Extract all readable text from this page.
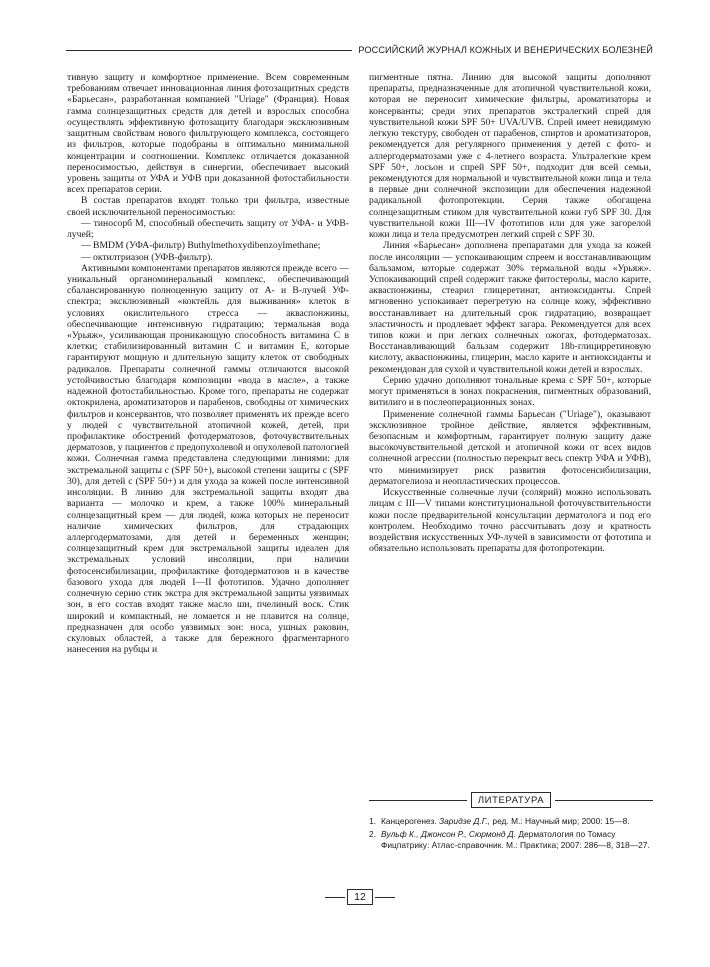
РОССИЙСКИЙ ЖУРНАЛ КОЖНЫХ И ВЕНЕРИЧЕСКИХ БОЛЕЗНЕЙ

тивную защиту и комфортное применение. Всем современным требованиям отвечает инновационная линия фотозащитных средств «Барьесан», разработанная компанией "Uriage" (Франция). Новая гамма солнцезащитных средств для детей и взрослых способна осуществлять эффективную фотозащиту благодаря эксклюзивным защитным свойствам нового фильтрующего комплекса, состоящего из фильтров, которые подобраны в оптимально минимальной концентрации и соотношении. Комплекс отличается доказанной переносимостью, действуя в синергии, обеспечивает высокий уровень защиты от УФА и УФВ при доказанной фотостабильности всех препаратов серии.

В состав препаратов входят только три фильтра, известные своей исключительной переносимостью:

— тиносорб М, способный обеспечить защиту от УФА- и УФВ-лучей;

— BMDM (УФА-фильтр) Buthylmethoxydibenzoylmethane;

— октилтриазон (УФВ-фильтр).

Активными компонентами препаратов являются прежде всего — уникальный органоминеральный комплекс, обеспечивающий сбалансированную полноценную защиту от А- и В-лучей УФ-спектра; эксклюзивный «коктейль для выживания» клеток в условиях окислительного стресса — акваспонжины, обеспечивающие интенсивную гидратацию; термальная вода «Урьяж», усиливающая проникающую способность витамина С в клетки; стабилизированный витамин С и витамин Е, которые гарантируют мощную и длительную защиту клеток от свободных радикалов. Препараты солнечной гаммы отличаются высокой устойчивостью благодаря композиции «вода в масле», а также надежной фотостабильностью. Кроме того, препараты не содержат октокрилена, ароматизаторов и парабенов, свободны от химических фильтров и консервантов, что позволяет применять их прежде всего у людей с чувствительной атопичной кожей, детей, при профилактике обострений фотодерматозов, фоточувствительных дерматозов, у пациентов с предопухолевой и опухолевой патологией кожи. Солнечная гамма представлена следующими линиями: для экстремальной защиты с (SPF 50+), высокой степени защиты с (SPF 30), для детей с (SPF 50+) и для ухода за кожей после интенсивной инсоляции. В линию для экстремальной защиты входят два варианта — молочко и крем, а также 100% минеральный солнцезащитный крем — для людей, кожа которых не переносит наличие химических фильтров, для страдающих аллергодерматозами, для детей и беременных женщин; солнцезащитный крем для экстремальной защиты идеален для экстремальных условий инсоляции, при наличии фотосенсибилизации, профилактике фотодерматозов и в качестве базового ухода для людей I—II фототипов. Удачно дополняет солнечную серию стик экстра для экстремальной защиты уязвимых зон, в его состав входят также масло ши, пчелиный воск. Стик широкий и компактный, не ломается и не плавится на солнце, предназначен для особо уязвимых зон: носа, ушных раковин, скуловых областей, а также для бережного фрагментарного нанесения на рубцы и

пигментные пятна. Линию для высокой защиты дополняют препараты, предназначенные для атопичной чувствительной кожи, которая не переносит химические фильтры, ароматизаторы и консерванты; среди этих препаратов экстралегкий спрей для чувствительной кожи SPF 50+ UVA/UVB. Спрей имеет невидимую легкую текстуру, свободен от парабенов, спиртов и ароматизаторов, рекомендуется для регулярного применения у детей с фото- и аллергодерматозами уже с 4-летнего возраста. Ультралегкие крем SPF 50+, лосьон и спрей SPF 50+, подходит для всей семьи, рекомендуются для нормальной и чувствительной кожи лица и тела в первые дни солнечной экспозиции для обеспечения надежной радикальной фотопротекции. Серия также обогащена солнцезащитным стиком для чувствительной кожи губ SPF 30. Для чувствительной кожи III—IV фототипов или для уже загорелой кожи лица и тела предусмотрен легкий спрей с SPF 30.

Линия «Барьесан» дополнена препаратами для ухода за кожей после инсоляции — успокаивающим спреем и восстанавливающим бальзамом, которые содержат 30% термальной воды «Урьяж». Успокаивающий спрей содержит также фитостеролы, масло карите, акваспонжины, стеарил глицеретинат, антиоксиданты. Спрей мгновенно успокаивает перегретую на солнце кожу, эффективно восстанавливает на длительный срок гидратацию, возвращает эластичность и продлевает эффект загара. Рекомендуется для всех типов кожи и при легких солнечных ожогах, фотодерматозах. Восстанавливающий бальзам содержит 18b-глицирретиновую кислоту, акваспонжины, глицерин, масло карите и антиоксиданты и рекомендован для сухой и чувствительной кожи детей и взрослых.

Серию удачно дополняют тональные крема с SPF 50+, которые могут применяться в зонах покраснения, пигментных образований, витилиго и в послеоперационных зонах.

Применение солнечной гаммы Барьесан ("Uriage"), оказывают эксклюзивное тройное действие, является эффективным, безопасным и комфортным, гарантирует полную защиту даже высокочувствительной детской и атопичной кожи от всех видов солнечной агрессии (полностью перекрыт весь спектр УФА и УФВ), что минимизирует риск развития фотосенсибилизации, дерматогелиоза и неопластических процессов.

Искусственные солнечные лучи (солярий) можно использовать лицам с III—V типами конституциональной фоточувствительности кожи после предварительной консультации дерматолога и под его контролем. Необходимо точно рассчитывать дозу и кратность воздействия искусственных УФ-лучей в зависимости от фототипа и обязательно использовать препараты для фотопротекции.

ЛИТЕРАТУРА
1. Канцерогенез. Заридзе Д.Г., ред. М.: Научный мир; 2000: 15—8.
2. Вульф К., Джонсон Р., Сюрмонд Д. Дерматология по Томасу Фицпатрику: Атлас-справочник. М.: Практика; 2007: 286—8, 318—27.
12
